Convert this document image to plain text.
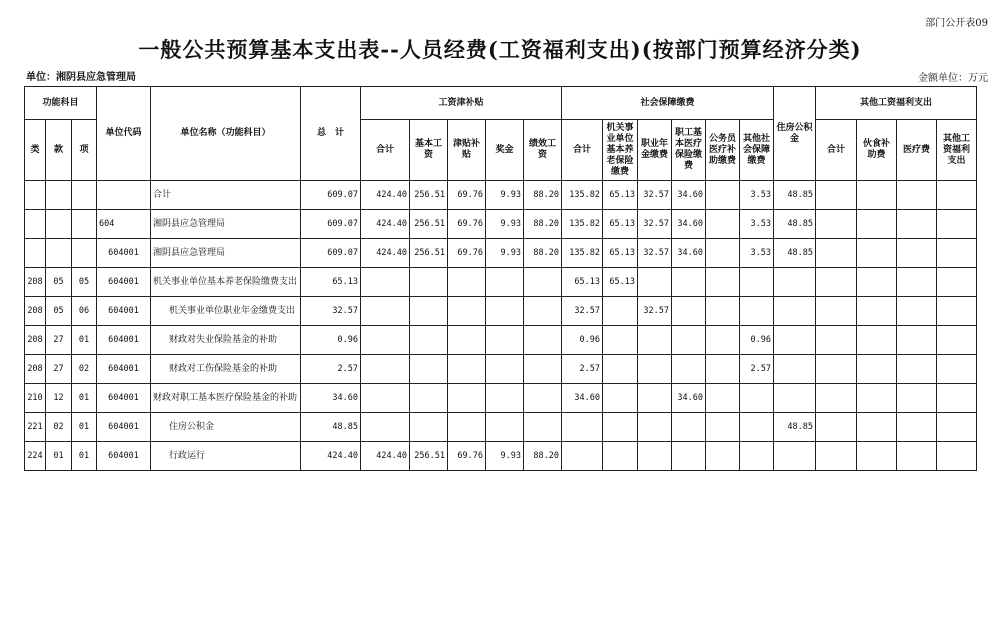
部门公开表09
一般公共预算基本支出表--人员经费(工资福利支出)(按部门预算经济分类)
单位：湘阴县应急管理局	金额单位：万元
功能科目			单位代码	单位名称（功能科目）	总　计	工资津补贴					社会保障缴费						住房公积金	其他工资福利支出			
类	款	项				合计	基本工资	津贴补贴	奖金	绩效工资	合计	机关事业单位基本养老保险缴费	职业年金缴费	职工基本医疗保险缴费	公务员医疗补助缴费	其他社会保障缴费		合计	伙食补助费	医疗费	其他工资福利支出
				合计	609.07	424.40	256.51	69.76	9.93	88.20	135.82	65.13	32.57	34.60		3.53	48.85				
			604	湘阴县应急管理局	609.07	424.40	256.51	69.76	9.93	88.20	135.82	65.13	32.57	34.60		3.53	48.85				
			604001	湘阴县应急管理局	609.07	424.40	256.51	69.76	9.93	88.20	135.82	65.13	32.57	34.60		3.53	48.85				
208	05	05	604001	机关事业单位基本养老保险缴费支出	65.13						65.13	65.13									
208	05	06	604001	机关事业单位职业年金缴费支出	32.57						32.57		32.57								
208	27	01	604001	财政对失业保险基金的补助	0.96						0.96					0.96					
208	27	02	604001	财政对工伤保险基金的补助	2.57						2.57					2.57					
210	12	01	604001	财政对职工基本医疗保险基金的补助	34.60						34.60			34.60							
221	02	01	604001	住房公积金	48.85												48.85				
224	01	01	604001	行政运行	424.40	424.40	256.51	69.76	9.93	88.20											
